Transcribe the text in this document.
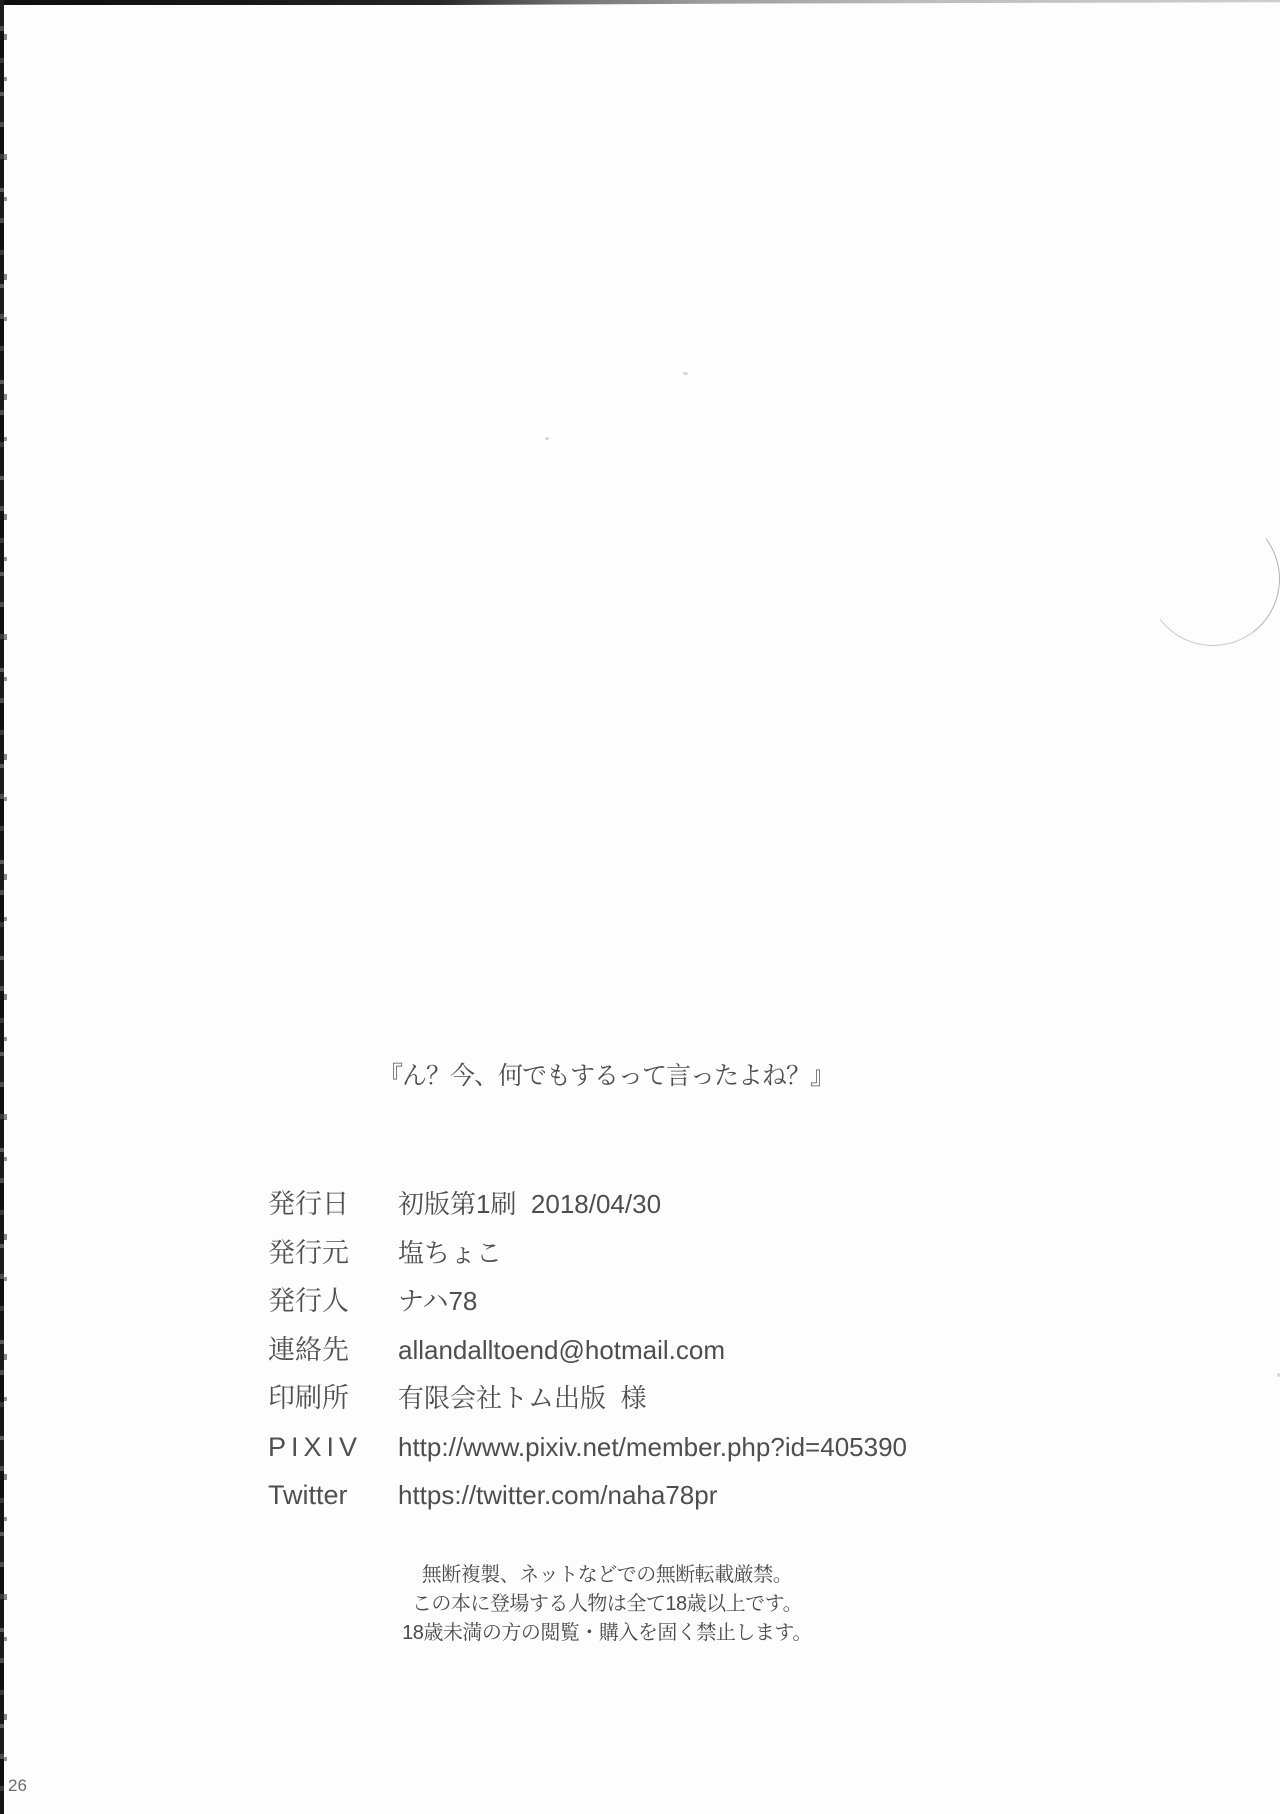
『ん？今、何でもするって言ったよね？』
発行日	初版第1刷  2018/04/30
発行元	塩ちょこ
発行人	ナハ78
連絡先	allandalltoend@hotmail.com
印刷所	有限会社トム出版  様
PIXIV	http://www.pixiv.net/member.php?id=405390
Twitter	https://twitter.com/naha78pr
無断複製、ネットなどでの無断転載厳禁。
この本に登場する人物は全て18歳以上です。
18歳未満の方の閲覧・購入を固く禁止します。
26
